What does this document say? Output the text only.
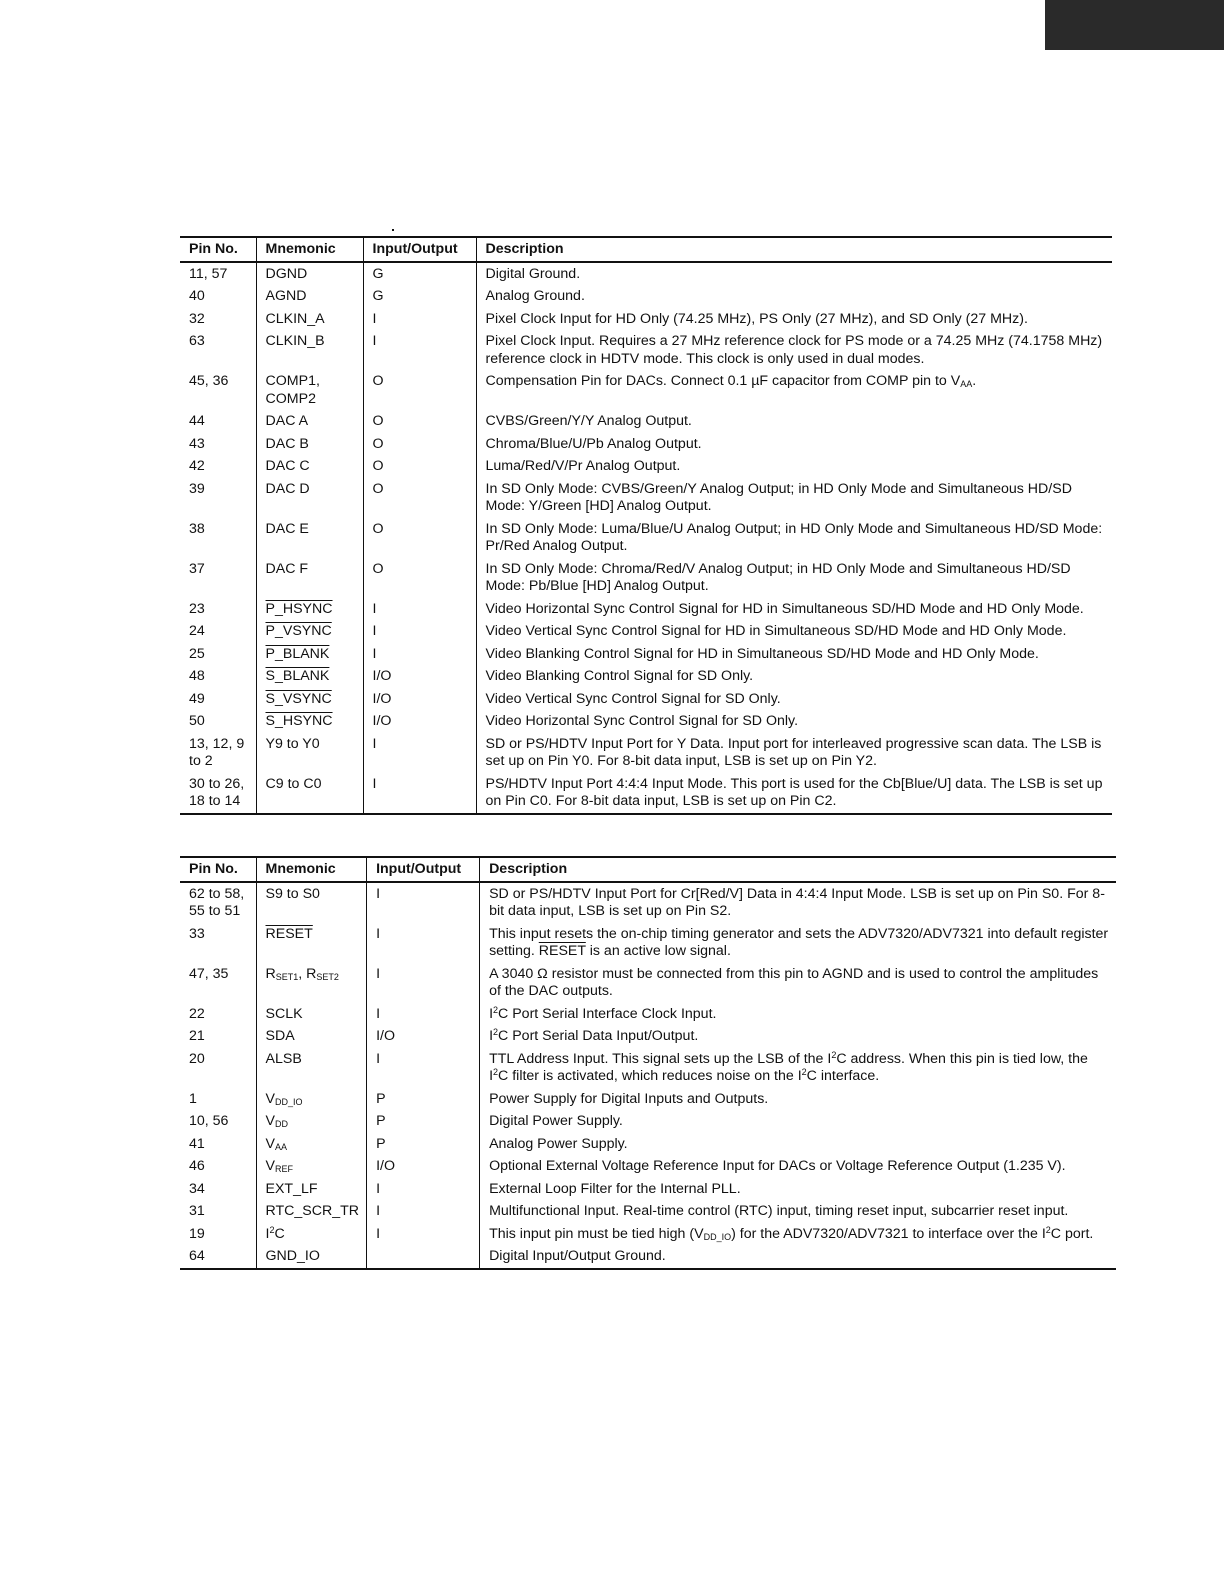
Pin No.	Mnemonic	Input/Output	Description
11, 57	DGND	G	Digital Ground.
40	AGND	G	Analog Ground.
32	CLKIN_A	I	Pixel Clock Input for HD Only (74.25 MHz), PS Only (27 MHz), and SD Only (27 MHz).
63	CLKIN_B	I	Pixel Clock Input. Requires a 27 MHz reference clock for PS mode or a 74.25 MHz (74.1758 MHz) reference clock in HDTV mode. This clock is only used in dual modes.
45, 36	COMP1, COMP2	O	Compensation Pin for DACs. Connect 0.1 µF capacitor from COMP pin to $V_{AA}$.
44	DAC A	O	CVBS/Green/Y/Y Analog Output.
43	DAC B	O	Chroma/Blue/U/Pb Analog Output.
42	DAC C	O	Luma/Red/V/Pr Analog Output.
39	DAC D	O	In SD Only Mode: CVBS/Green/Y Analog Output; in HD Only Mode and Simultaneous HD/SD Mode: Y/Green [HD] Analog Output.
38	DAC E	O	In SD Only Mode: Luma/Blue/U Analog Output; in HD Only Mode and Simultaneous HD/SD Mode: Pr/Red Analog Output.
37	DAC F	O	In SD Only Mode: Chroma/Red/V Analog Output; in HD Only Mode and Simultaneous HD/SD Mode: Pb/Blue [HD] Analog Output.
23	P_HSYNC	I	Video Horizontal Sync Control Signal for HD in Simultaneous SD/HD Mode and HD Only Mode.
24	P_VSYNC	I	Video Vertical Sync Control Signal for HD in Simultaneous SD/HD Mode and HD Only Mode.
25	P_BLANK	I	Video Blanking Control Signal for HD in Simultaneous SD/HD Mode and HD Only Mode.
48	S_BLANK	I/O	Video Blanking Control Signal for SD Only.
49	S_VSYNC	I/O	Video Vertical Sync Control Signal for SD Only.
50	S_HSYNC	I/O	Video Horizontal Sync Control Signal for SD Only.
13, 12, 9 to 2	Y9 to Y0	I	SD or PS/HDTV Input Port for Y Data. Input port for interleaved progressive scan data. The LSB is set up on Pin Y0. For 8-bit data input, LSB is set up on Pin Y2.
30 to 26, 18 to 14	C9 to C0	I	PS/HDTV Input Port 4:4:4 Input Mode. This port is used for the Cb[Blue/U] data. The LSB is set up on Pin C0. For 8-bit data input, LSB is set up on Pin C2.
Pin No.	Mnemonic	Input/Output	Description
62 to 58, 55 to 51	S9 to S0	I	SD or PS/HDTV Input Port for Cr[Red/V] Data in 4:4:4 Input Mode. LSB is set up on Pin S0. For 8-bit data input, LSB is set up on Pin S2.
33	RESET	I	This input resets the on-chip timing generator and sets the ADV7320/ADV7321 into default register setting. RESET is an active low signal.
47, 35	$R_{SET1}$, $R_{SET2}$	I	A 3040 Ω resistor must be connected from this pin to AGND and is used to control the amplitudes of the DAC outputs.
22	SCLK	I	$I^2C$ Port Serial Interface Clock Input.
21	SDA	I/O	$I^2C$ Port Serial Data Input/Output.
20	ALSB	I	TTL Address Input. This signal sets up the LSB of the $I^2C$ address. When this pin is tied low, the $I^2C$ filter is activated, which reduces noise on the $I^2C$ interface.
1	$V_{DD\_IO}$	P	Power Supply for Digital Inputs and Outputs.
10, 56	$V_{DD}$	P	Digital Power Supply.
41	$V_{AA}$	P	Analog Power Supply.
46	$V_{REF}$	I/O	Optional External Voltage Reference Input for DACs or Voltage Reference Output (1.235 V).
34	EXT_LF	I	External Loop Filter for the Internal PLL.
31	RTC_SCR_TR	I	Multifunctional Input. Real-time control (RTC) input, timing reset input, subcarrier reset input.
19	$I^2C$	I	This input pin must be tied high $(V_{DD\_IO})$ for the ADV7320/ADV7321 to interface over the $I^2C$ port.
64	GND_IO		Digital Input/Output Ground.
